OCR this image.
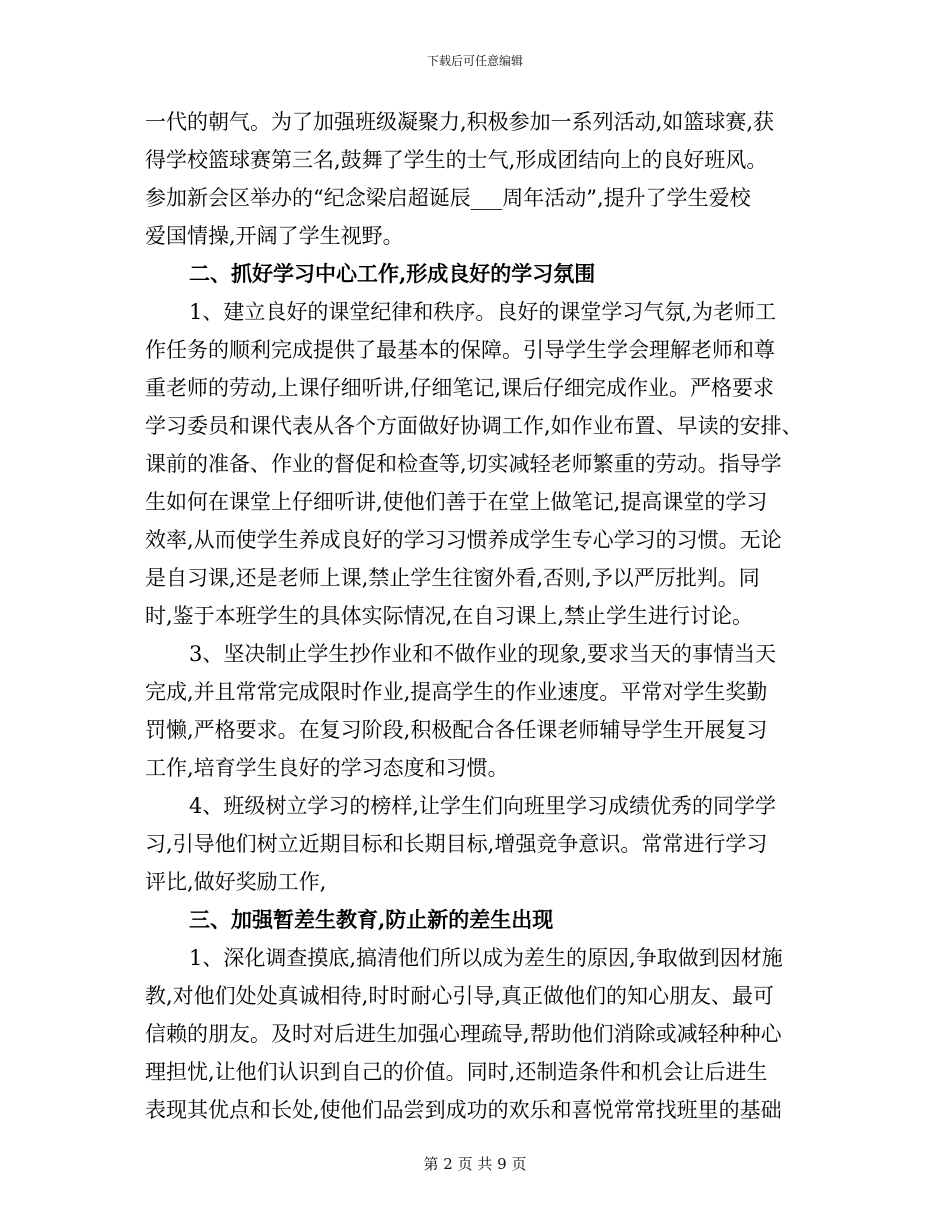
下载后可任意编辑
一代的朝气。为了加强班级凝聚力,积极参加一系列活动,如篮球赛,获
得学校篮球赛第三名,鼓舞了学生的士气,形成团结向上的良好班风。
参加新会区举办的“纪念梁启超诞辰___周年活动”,提升了学生爱校
爱国情操,开阔了学生视野。
二、抓好学习中心工作,形成良好的学习氛围
1、建立良好的课堂纪律和秩序。良好的课堂学习气氛,为老师工
作任务的顺利完成提供了最基本的保障。引导学生学会理解老师和尊
重老师的劳动,上课仔细听讲,仔细笔记,课后仔细完成作业。严格要求
学习委员和课代表从各个方面做好协调工作,如作业布置、早读的安排、
课前的准备、作业的督促和检查等,切实减轻老师繁重的劳动。指导学
生如何在课堂上仔细听讲,使他们善于在堂上做笔记,提高课堂的学习
效率,从而使学生养成良好的学习习惯养成学生专心学习的习惯。无论
是自习课,还是老师上课,禁止学生往窗外看,否则,予以严厉批判。同
时,鉴于本班学生的具体实际情况,在自习课上,禁止学生进行讨论。
3、坚决制止学生抄作业和不做作业的现象,要求当天的事情当天
完成,并且常常完成限时作业,提高学生的作业速度。平常对学生奖勤
罚懒,严格要求。在复习阶段,积极配合各任课老师辅导学生开展复习
工作,培育学生良好的学习态度和习惯。
4、班级树立学习的榜样,让学生们向班里学习成绩优秀的同学学
习,引导他们树立近期目标和长期目标,增强竞争意识。常常进行学习
评比,做好奖励工作,
三、加强暂差生教育,防止新的差生出现
1、深化调查摸底,搞清他们所以成为差生的原因,争取做到因材施
教,对他们处处真诚相待,时时耐心引导,真正做他们的知心朋友、最可
信赖的朋友。及时对后进生加强心理疏导,帮助他们消除或减轻种种心
理担忧,让他们认识到自己的价值。同时,还制造条件和机会让后进生
表现其优点和长处,使他们品尝到成功的欢乐和喜悦常常找班里的基础
第 2 页 共 9 页
